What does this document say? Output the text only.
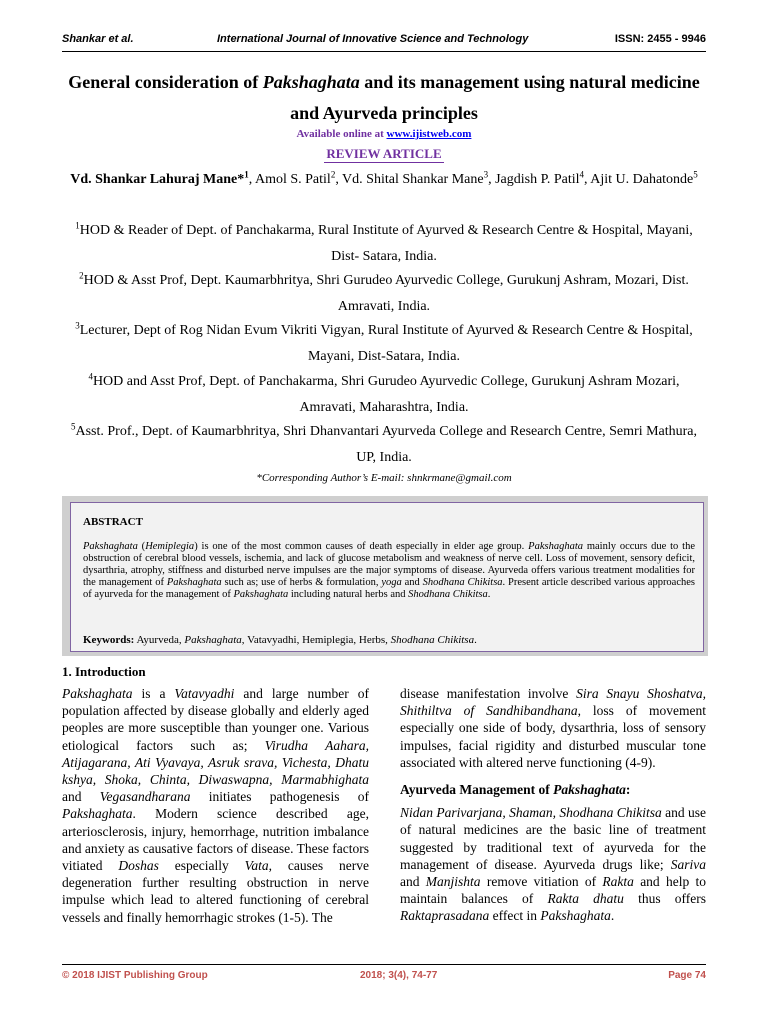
Shankar et al.	International Journal of Innovative Science and Technology	ISSN: 2455 - 9946
General consideration of Pakshaghata and its management using natural medicine and Ayurveda principles
Available online at www.ijistweb.com
REVIEW ARTICLE
Vd. Shankar Lahuraj Mane*$^1$, Amol S. Patil$^2$, Vd. Shital Shankar Mane$^3$, Jagdish P. Patil$^4$, Ajit U. Dahatonde$^5$
$^1$HOD & Reader of Dept. of Panchakarma, Rural Institute of Ayurved & Research Centre & Hospital, Mayani, Dist- Satara, India.
$^2$HOD & Asst Prof, Dept. Kaumarbhritya, Shri Gurudeo Ayurvedic College, Gurukunj Ashram, Mozari, Dist. Amravati, India.
$^3$Lecturer, Dept of Rog Nidan Evum Vikriti Vigyan, Rural Institute of Ayurved & Research Centre & Hospital, Mayani, Dist-Satara, India.
$^4$HOD and Asst Prof, Dept. of Panchakarma, Shri Gurudeo Ayurvedic College, Gurukunj Ashram Mozari, Amravati, Maharashtra, India.
$^5$Asst. Prof., Dept. of Kaumarbhritya, Shri Dhanvantari Ayurveda College and Research Centre, Semri Mathura, UP, India.
*Corresponding Author’s E-mail: shnkrmane@gmail.com
ABSTRACT
Pakshaghata (Hemiplegia) is one of the most common causes of death especially in elder age group. Pakshaghata mainly occurs due to the obstruction of cerebral blood vessels, ischemia, and lack of glucose metabolism and weakness of nerve cell. Loss of movement, sensory deficit, dysarthria, atrophy, stiffness and disturbed nerve impulses are the major symptoms of disease. Ayurveda offers various treatment modalities for the management of Pakshaghata such as; use of herbs & formulation, yoga and Shodhana Chikitsa. Present article described various approaches of ayurveda for the management of Pakshaghata including natural herbs and Shodhana Chikitsa.
Keywords: Ayurveda, Pakshaghata, Vatavyadhi, Hemiplegia, Herbs, Shodhana Chikitsa.
1. Introduction

Pakshaghata is a Vatavyadhi and large number of population affected by disease globally and elderly aged peoples are more susceptible than younger one. Various etiological factors such as; Virudha Aahara, Atijagarana, Ati Vyavaya, Asruk srava, Vichesta, Dhatu kshya, Shoka, Chinta, Diwaswapna, Marmabhighata and Vegasandharana initiates pathogenesis of Pakshaghata. Modern science described age, arteriosclerosis, injury, hemorrhage, nutrition imbalance and anxiety as causative factors of disease. These factors vitiated Doshas especially Vata, causes nerve degeneration further resulting obstruction in nerve impulse which lead to altered functioning of cerebral vessels and finally hemorrhagic strokes (1-5). The

disease manifestation involve Sira Snayu Shoshatva, Shithiltva of Sandhibandhana, loss of movement especially one side of body, dysarthria, loss of sensory impulses, facial rigidity and disturbed muscular tone associated with altered nerve functioning (4-9).

Ayurveda Management of Pakshaghata:

Nidan Parivarjana, Shaman, Shodhana Chikitsa and use of natural medicines are the basic line of treatment suggested by traditional text of ayurveda for the management of disease. Ayurveda drugs like; Sariva and Manjishta remove vitiation of Rakta and help to maintain balances of Rakta dhatu thus offers Raktaprasadana effect in Pakshaghata.

© 2018 IJIST Publishing Group	2018; 3(4), 74-77	Page 74
